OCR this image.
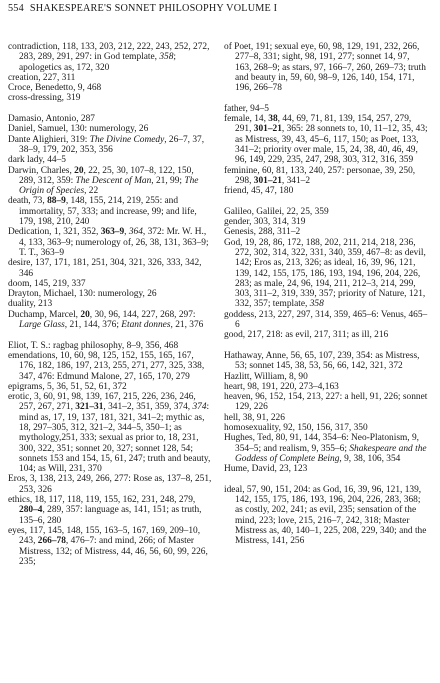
554 SHAKESPEARE'S SONNET PHILOSOPHY VOLUME I

contradiction, 118, 133, 203, 212, 222, 243, 252, 272, 283, 289, 291, 297: in God template, 358; apologetics as, 172, 320

creation, 227, 311

Croce, Benedetto, 9, 468

cross-dressing, 319

Damasio, Antonio, 287

Daniel, Samuel, 130: numerology, 26

Dante Alighieri, 319: The Divine Comedy, 26–7, 37, 38–9, 179, 202, 353, 356

dark lady, 44–5

Darwin, Charles, 20, 22, 25, 30, 107–8, 122, 150, 289, 312, 359: The Descent of Man, 21, 99; The Origin of Species, 22

death, 73, 88–9, 148, 155, 214, 219, 255: and immortality, 57, 333; and increase, 99; and life, 179, 198, 210, 240

Dedication, 1, 321, 352, 363–9, 364, 372: Mr. W. H., 4, 133, 363–9; numerology of, 26, 38, 131, 363–9; T. T., 363–9

desire, 137, 171, 181, 251, 304, 321, 326, 333, 342, 346

doom, 145, 219, 337

Drayton, Michael, 130: numerology, 26

duality, 213

Duchamp, Marcel, 20, 30, 96, 144, 227, 268, 297: Large Glass, 21, 144, 376; Etant donnes, 21, 376

Eliot, T. S.: ragbag philosophy, 8–9, 356, 468

emendations, 10, 60, 98, 125, 152, 155, 165, 167, 176, 182, 186, 197, 213, 255, 271, 277, 325, 338, 347, 476: Edmund Malone, 27, 165, 170, 279

epigrams, 5, 36, 51, 52, 61, 372

erotic, 3, 60, 91, 98, 139, 167, 215, 226, 236, 246, 257, 267, 271, 321–31, 341–2, 351, 359, 374, 374: mind as, 17, 19, 137, 181, 321, 341–2; mythic as, 18, 297–305, 312, 321–2, 344–5, 350–1; as mythology,251, 333; sexual as prior to, 18, 231, 300, 322, 351; sonnet 20, 327; sonnet 128, 54; sonnets 153 and 154, 15, 61, 247; truth and beauty, 104; as Will, 231, 370

Eros, 3, 138, 213, 249, 266, 277: Rose as, 137–8, 251, 253, 326

ethics, 18, 117, 118, 119, 155, 162, 231, 248, 279, 280–4, 289, 357: language as, 141, 151; as truth, 135–6, 280

eyes, 117, 145, 148, 155, 163–5, 167, 169, 209–10, 243, 266–78, 476–7: and mind, 266; of Master Mistress, 132; of Mistress, 44, 46, 56, 60, 99, 226, 235;

of Poet, 191; sexual eye, 60, 98, 129, 191, 232, 266, 277–8, 331; sight, 98, 191, 277; sonnet 14, 97, 163, 268–9; as stars, 97, 166–7, 260, 269–73; truth and beauty in, 59, 60, 98–9, 126, 140, 154, 171, 196, 266–78

father, 94–5

female, 14, 38, 44, 69, 71, 81, 139, 154, 257, 279, 291, 301–21, 365: 28 sonnets to, 10, 11–12, 35, 43; as Mistress, 39, 43, 45–6, 117, 150; as Poet, 133, 341–2; priority over male, 15, 24, 38, 40, 46, 49, 96, 149, 229, 235, 247, 298, 303, 312, 316, 359

feminine, 60, 81, 133, 240, 257: personae, 39, 250, 298, 301–21, 341–2

friend, 45, 47, 180

Galileo, Galilei, 22, 25, 359

gender, 303, 314, 319

Genesis, 288, 311–2

God, 19, 28, 86, 172, 188, 202, 211, 214, 218, 236, 272, 302, 314, 322, 331, 340, 359, 467–8: as devil, 142; Eros as, 213, 326; as ideal, 16, 39, 96, 121, 139, 142, 155, 175, 186, 193, 194, 196, 204, 226, 283; as male, 24, 96, 194, 211, 212–3, 214, 299, 303, 311–2, 319, 339, 357; priority of Nature, 121, 332, 357; template, 358

goddess, 213, 227, 297, 314, 359, 465–6: Venus, 465–6

good, 217, 218: as evil, 217, 311; as ill, 216

Hathaway, Anne, 56, 65, 107, 239, 354: as Mistress, 53; sonnet 145, 38, 53, 56, 66, 142, 321, 372

Hazlitt, William, 8, 90

heart, 98, 191, 220, 273–4,163

heaven, 96, 152, 154, 213, 227: a hell, 91, 226; sonnet 129, 226

hell, 38, 91, 226

homosexuality, 92, 150, 156, 317, 350

Hughes, Ted, 80, 91, 144, 354–6: Neo-Platonism, 9, 354–5; and realism, 9, 355–6; Shakespeare and the Goddess of Complete Being, 9, 38, 106, 354

Hume, David, 23, 123

ideal, 57, 90, 151, 204: as God, 16, 39, 96, 121, 139, 142, 155, 175, 186, 193, 196, 204, 226, 283, 368; as costly, 202, 241; as evil, 235; sensation of the mind, 223; love, 215, 216–7, 242, 318; Master Mistress as, 40, 140–1, 225, 208, 229, 340; and the Mistress, 141, 256
